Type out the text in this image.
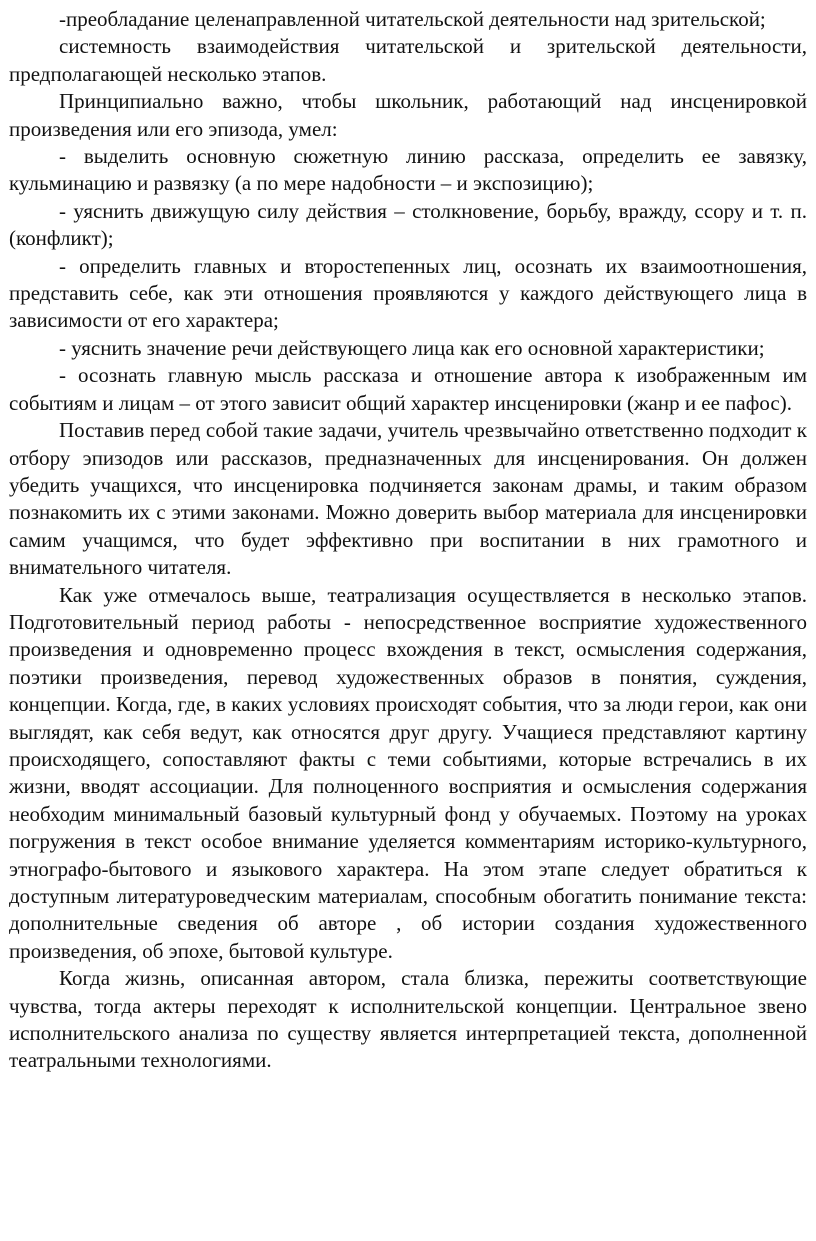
-преобладание целенаправленной читательской деятельности над зрительской;

системность взаимодействия читательской и зрительской деятельности, предполагающей несколько этапов.

Принципиально важно, чтобы школьник, работающий над инсценировкой произведения или его эпизода, умел:

- выделить основную сюжетную линию рассказа, определить ее завязку, кульминацию и развязку (а по мере надобности – и экспозицию);

- уяснить движущую силу действия – столкновение, борьбу, вражду, ссору и т. п. (конфликт);

- определить главных и второстепенных лиц, осознать их взаимоотношения, представить себе, как эти отношения проявляются у каждого действующего лица в зависимости от его характера;

- уяснить значение речи действующего лица как его основной характеристики;

- осознать главную мысль рассказа и отношение автора к изображенным им событиям и лицам – от этого зависит общий характер инсценировки (жанр и ее пафос).

Поставив перед собой такие задачи, учитель чрезвычайно ответственно подходит к отбору эпизодов или рассказов, предназначенных для инсценирования. Он должен убедить учащихся, что инсценировка подчиняется законам драмы, и таким образом познакомить их с этими законами. Можно доверить выбор материала для инсценировки самим учащимся, что будет эффективно при воспитании в них грамотного и внимательного читателя.

Как уже отмечалось выше, театрализация осуществляется в несколько этапов. Подготовительный период работы - непосредственное восприятие художественного произведения и одновременно процесс вхождения в текст, осмысления содержания, поэтики произведения, перевод художественных образов в понятия, суждения, концепции. Когда, где, в каких условиях происходят события, что за люди герои, как они выглядят, как себя ведут, как относятся друг другу. Учащиеся представляют картину происходящего, сопоставляют факты с теми событиями, которые встречались в их жизни, вводят ассоциации. Для полноценного восприятия и осмысления содержания необходим минимальный базовый культурный фонд у обучаемых. Поэтому на уроках погружения в текст особое внимание уделяется комментариям историко-культурного, этнографо-бытового и языкового характера. На этом этапе следует обратиться к доступным литературоведческим материалам, способным обогатить понимание текста: дополнительные сведения об авторе , об истории создания художественного произведения, об эпохе, бытовой культуре.

Когда жизнь, описанная автором, стала близка, пережиты соответствующие чувства, тогда актеры переходят к исполнительской концепции. Центральное звено исполнительского анализа по существу является интерпретацией текста, дополненной театральными технологиями.
